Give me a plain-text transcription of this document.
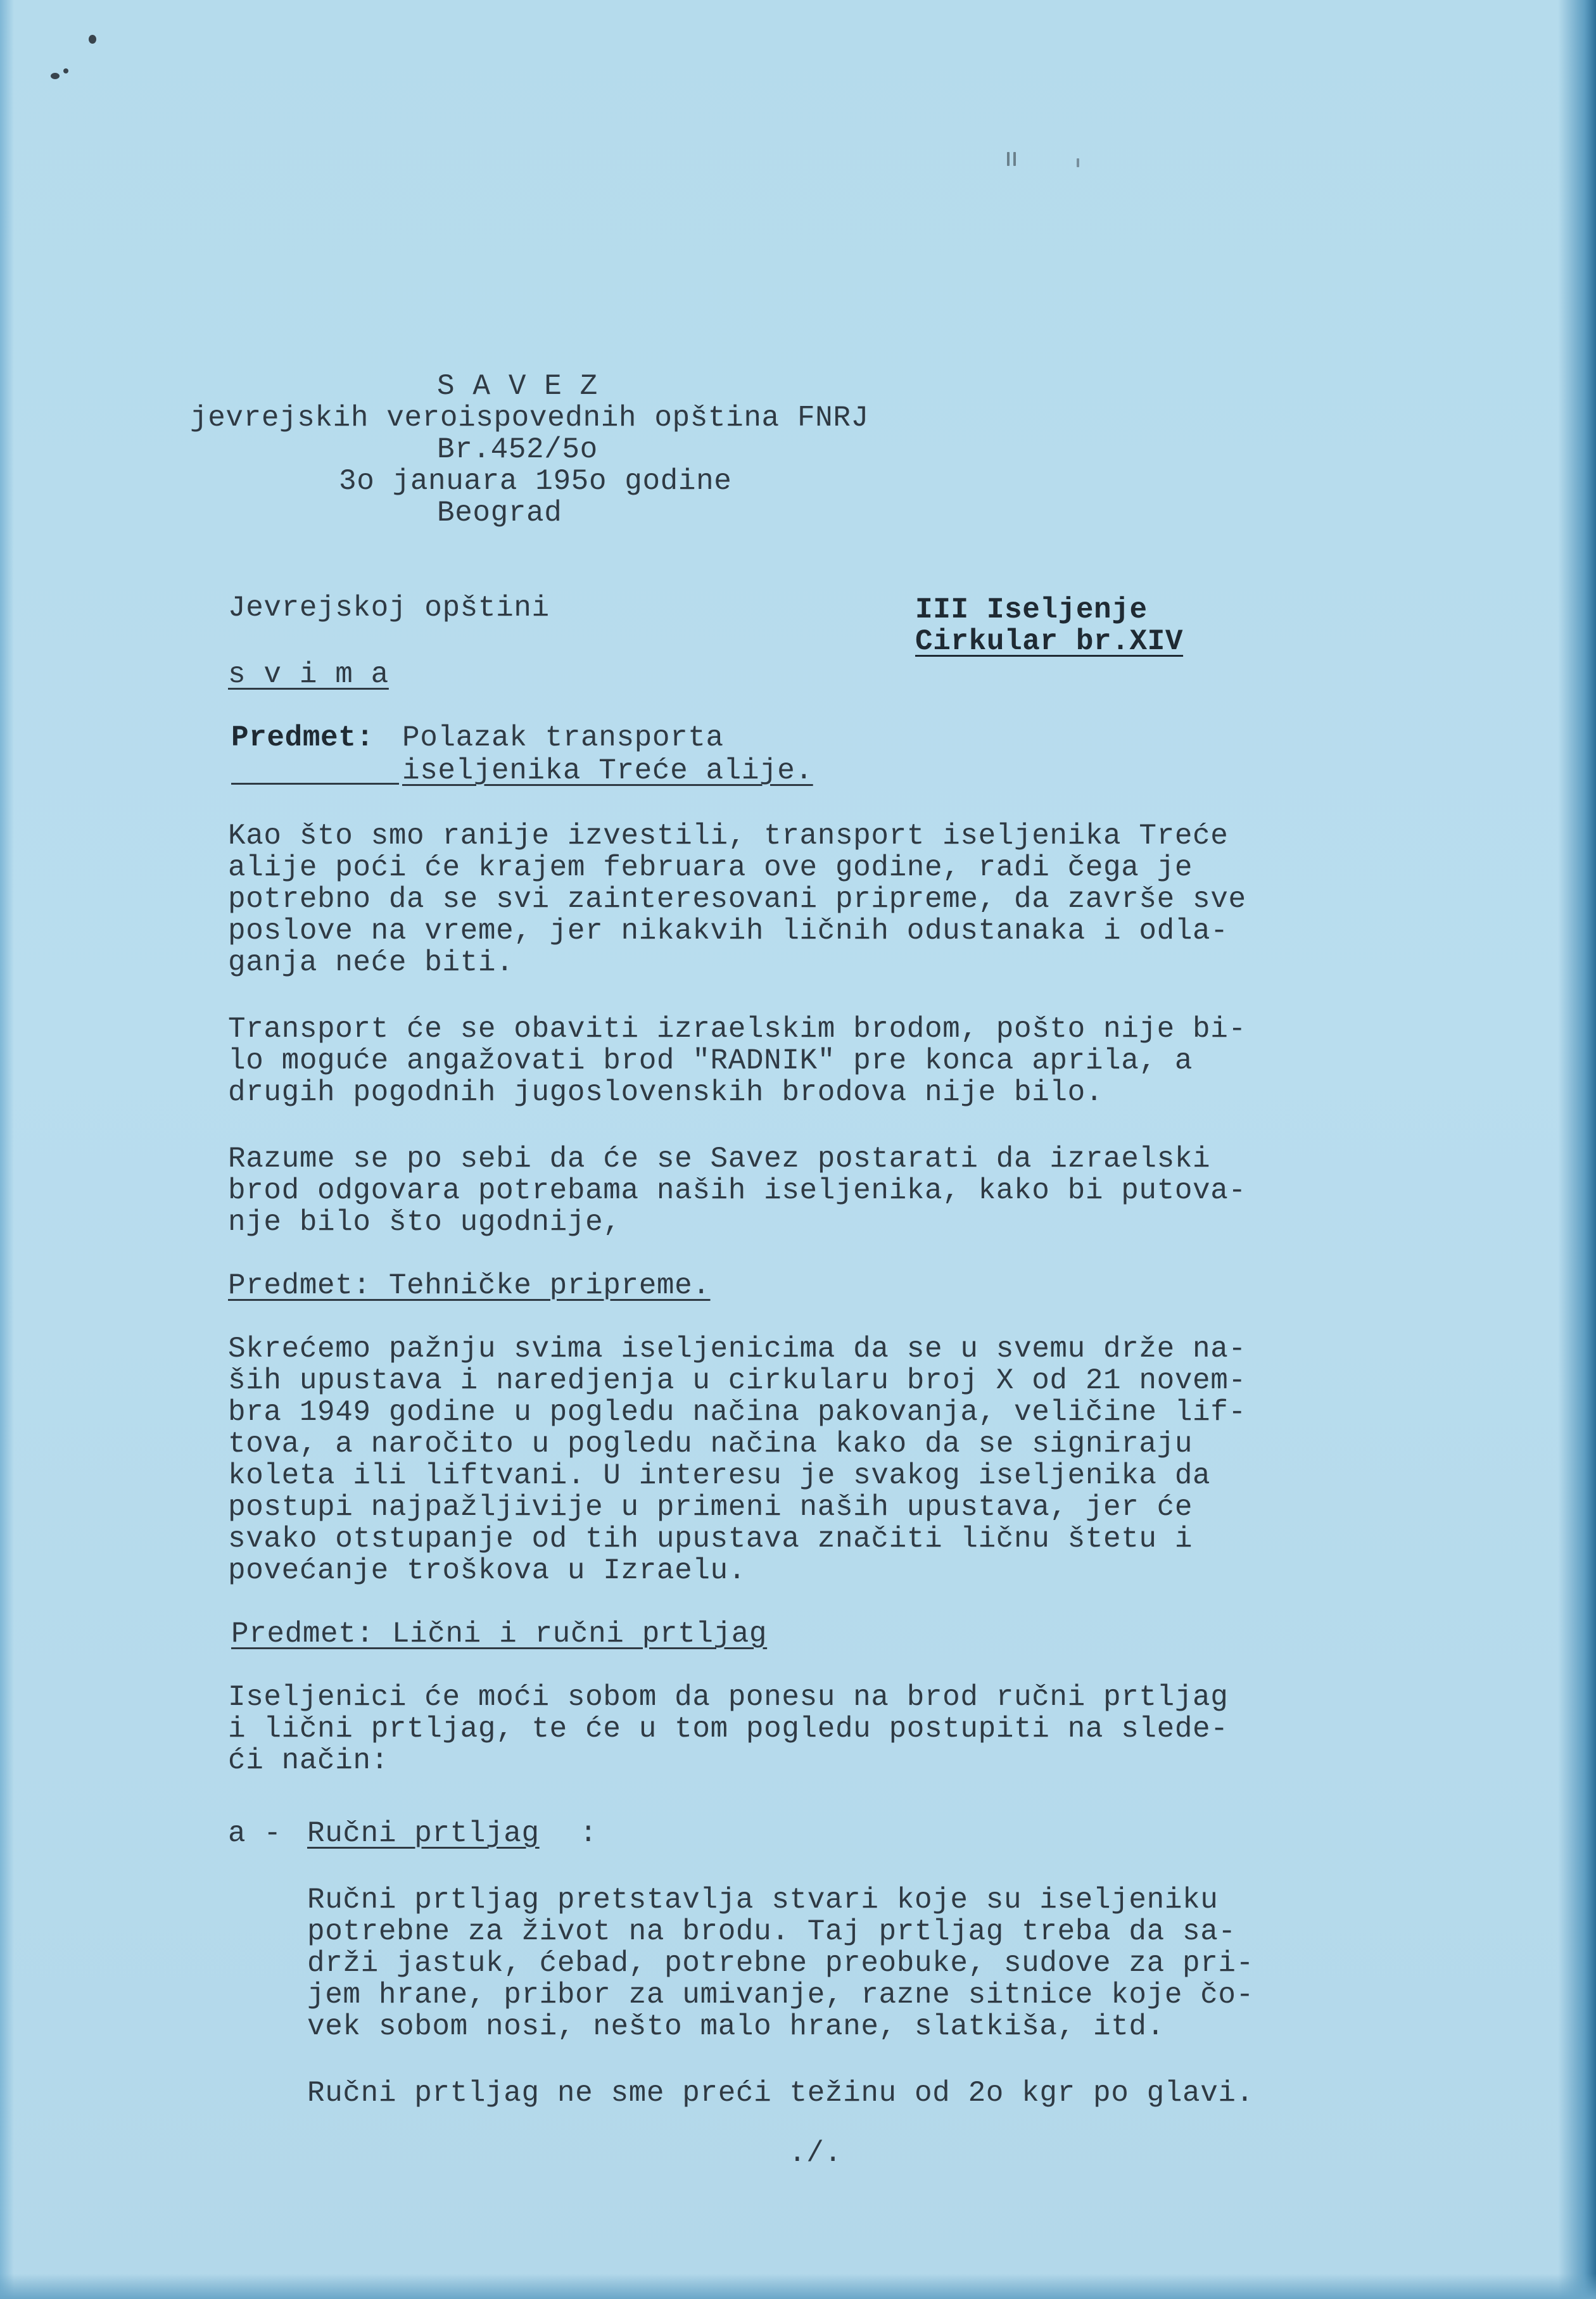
S A V E Z
jevrejskih veroispovednih opština FNRJ
Br.452/5o
3o januara 195o godine
Beograd
Jevrejskoj opštini
s v i m a
III Iseljenje
Cirkular br.XIV
Predmet: Polazak transporta
iseljenika Treće alije.
Kao što smo ranije izvestili, transport iseljenika Treće
alije poći će krajem februara ove godine, radi čega je
potrebno da se svi zainteresovani pripreme, da završe sve
poslove na vreme, jer nikakvih ličnih odustanaka i odla-
ganja neće biti.
Transport će se obaviti izraelskim brodom, pošto nije bi-
lo moguće angažovati brod "RADNIK" pre konca aprila, a
drugih pogodnih jugoslovenskih brodova nije bilo.
Razume se po sebi da će se Savez postarati da izraelski
brod odgovara potrebama naših iseljenika, kako bi putova-
nje bilo što ugodnije,
Predmet: Tehničke pripreme.
Skrećemo pažnju svima iseljenicima da se u svemu drže na-
ših upustava i naredjenja u cirkularu broj X od 21 novem-
bra 1949 godine u pogledu načina pakovanja, veličine lif-
tova, a naročito u pogledu načina kako da se signiraju
koleta ili liftvani. U interesu je svakog iseljenika da
postupi najpažljivije u primeni naših upustava, jer će
svako otstupanje od tih upustava značiti ličnu štetu i
povećanje troškova u Izraelu.
Predmet: Lični i ručni prtljag
Iseljenici će moći sobom da ponesu na brod ručni prtljag
i lični prtljag, te će u tom pogledu postupiti na slede-
ći način:
a - Ručni prtljag :
Ručni prtljag pretstavlja stvari koje su iseljeniku
potrebne za život na brodu. Taj prtljag treba da sa-
drži jastuk, ćebad, potrebne preobuke, sudove za pri-
jem hrane, pribor za umivanje, razne sitnice koje čo-
vek sobom nosi, nešto malo hrane, slatkiša, itd.
Ručni prtljag ne sme preći težinu od 2o kgr po glavi.
./.
